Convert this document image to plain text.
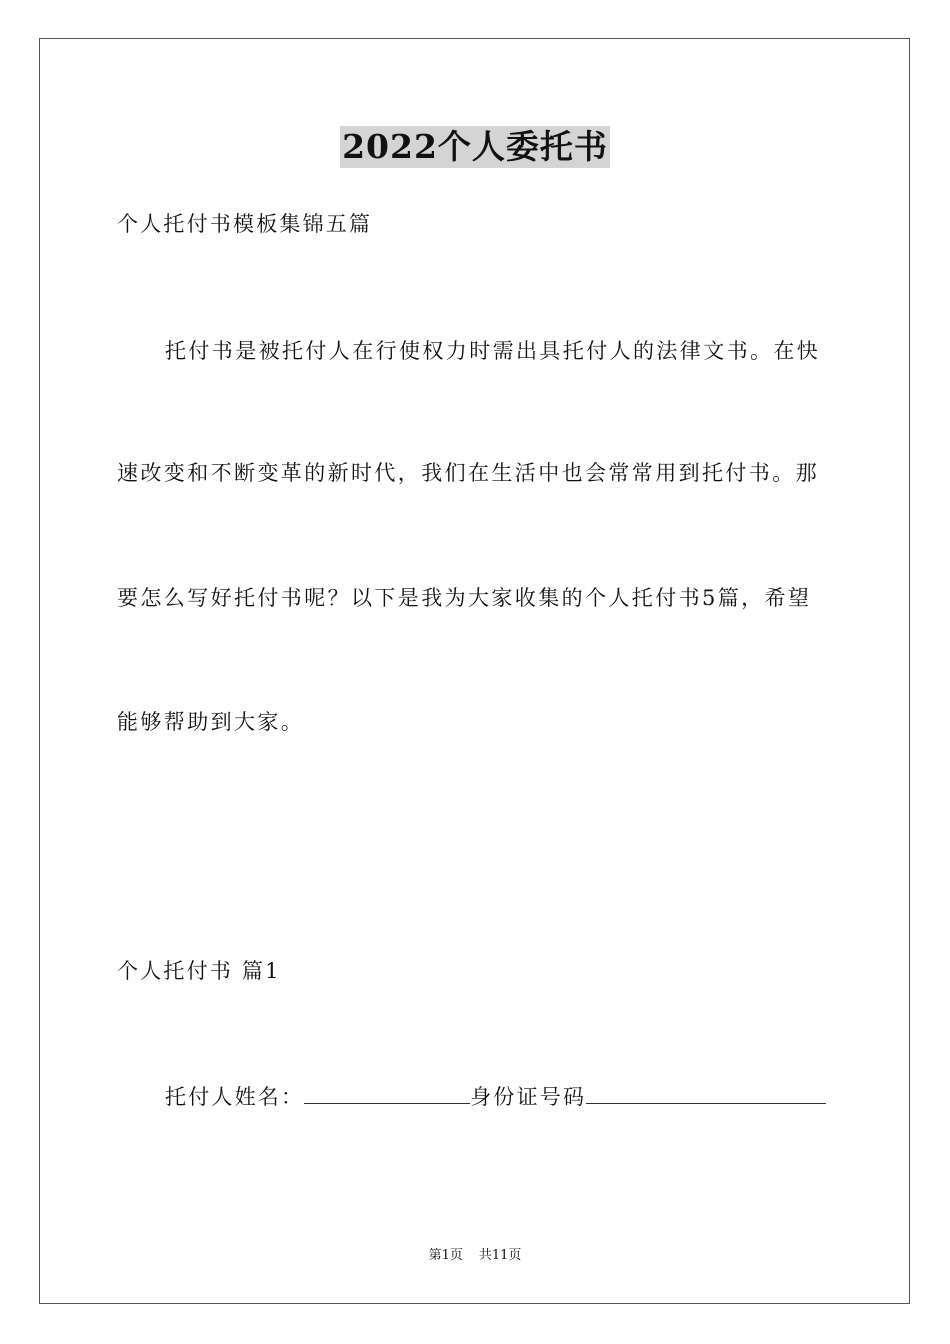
2022个人委托书
个人托付书模板集锦五篇
托付书是被托付人在行使权力时需出具托付人的法律文书。在快
速改变和不断变革的新时代，我们在生活中也会常常用到托付书。那
要怎么写好托付书呢？以下是我为大家收集的个人托付书5篇，希望
能够帮助到大家。
个人托付书 篇1
托付人姓名：	身份证号码
第1页 共11页
